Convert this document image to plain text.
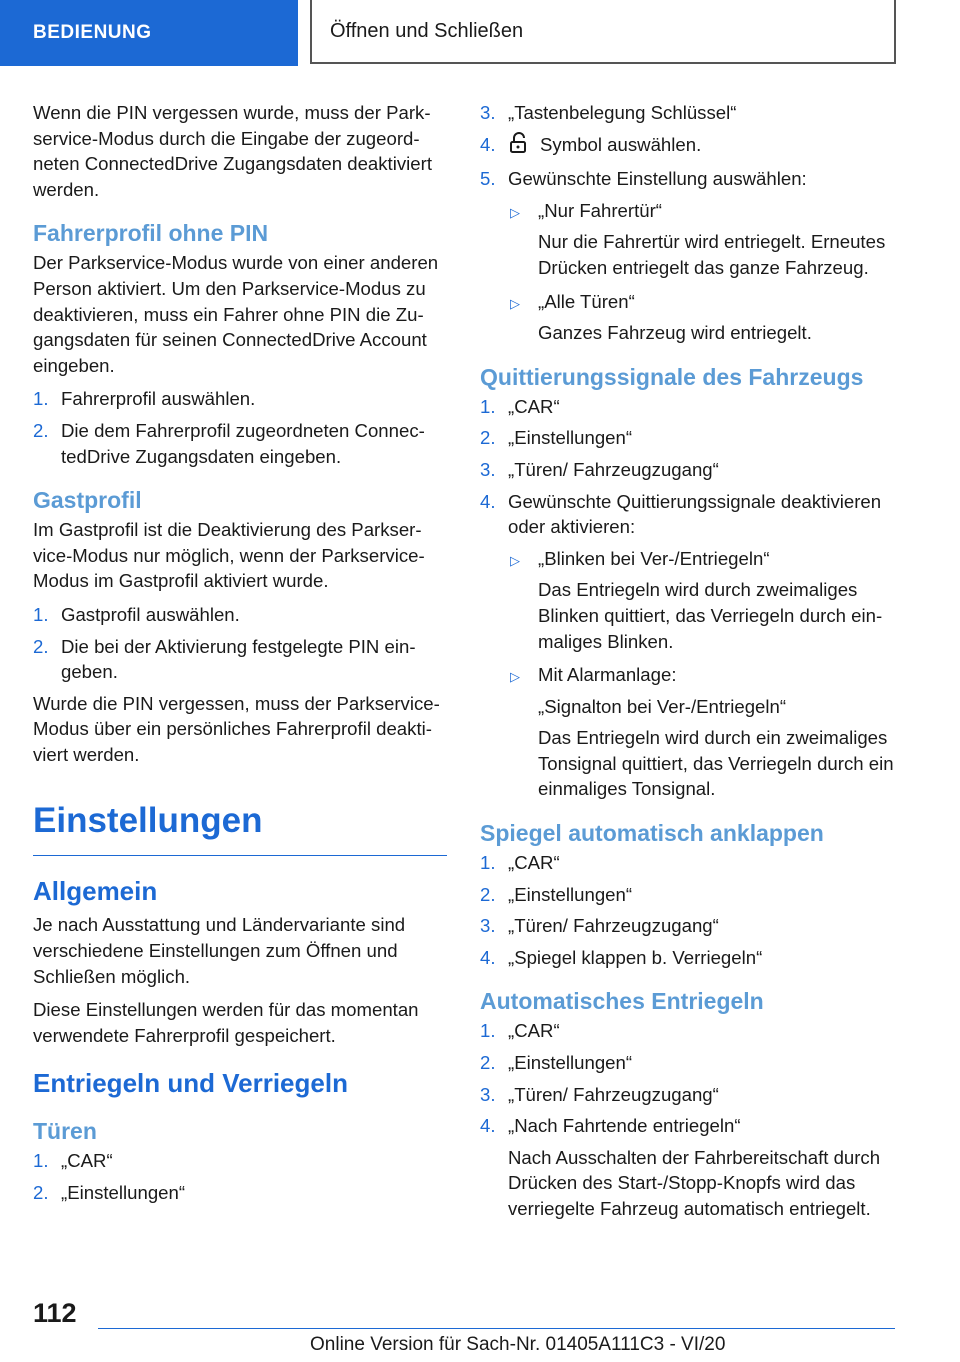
BEDIENUNG	Öffnen und Schließen

Wenn die PIN vergessen wurde, muss der Park-service-Modus durch die Eingabe der zugeord-neten ConnectedDrive Zugangsdaten deaktiviert werden.

Fahrerprofil ohne PIN

Der Parkservice-Modus wurde von einer anderen Person aktiviert. Um den Parkservice-Modus zu deaktivieren, muss ein Fahrer ohne PIN die Zu-gangsdaten für seinen ConnectedDrive Account eingeben.

1. Fahrerprofil auswählen.
2. Die dem Fahrerprofil zugeordneten Connec-tedDrive Zugangsdaten eingeben.
Gastprofil

Im Gastprofil ist die Deaktivierung des Parkser-vice-Modus nur möglich, wenn der Parkservice-Modus im Gastprofil aktiviert wurde.

1. Gastprofil auswählen.
2. Die bei der Aktivierung festgelegte PIN ein-geben.

Wurde die PIN vergessen, muss der Parkservice-Modus über ein persönliches Fahrerprofil deakti-viert werden.

Einstellungen
Allgemein

Je nach Ausstattung und Ländervariante sind verschiedene Einstellungen zum Öffnen und Schließen möglich.

Diese Einstellungen werden für das momentan verwendete Fahrerprofil gespeichert.

Entriegeln und Verriegeln
Türen
1. „CAR“
2. „Einstellungen“
3. „Tastenbelegung Schlüssel“
4. Symbol auswählen.
5. Gewünschte Einstellung auswählen:
▷ „Nur Fahrertür“
Nur die Fahrertür wird entriegelt. Erneutes Drücken entriegelt das ganze Fahrzeug.
▷ „Alle Türen“
Ganzes Fahrzeug wird entriegelt.
Quittierungssignale des Fahrzeugs
1. „CAR“
2. „Einstellungen“
3. „Türen/ Fahrzeugzugang“
4. Gewünschte Quittierungssignale deaktivieren oder aktivieren:
▷ „Blinken bei Ver-/Entriegeln“
Das Entriegeln wird durch zweimaliges Blinken quittiert, das Verriegeln durch ein-maliges Blinken.
▷ Mit Alarmanlage:
„Signalton bei Ver-/Entriegeln“
Das Entriegeln wird durch ein zweimaliges Tonsignal quittiert, das Verriegeln durch ein einmaliges Tonsignal.
Spiegel automatisch anklappen
1. „CAR“
2. „Einstellungen“
3. „Türen/ Fahrzeugzugang“
4. „Spiegel klappen b. Verriegeln“
Automatisches Entriegeln
1. „CAR“
2. „Einstellungen“
3. „Türen/ Fahrzeugzugang“
4. „Nach Fahrtende entriegeln“
Nach Ausschalten der Fahrbereitschaft durch Drücken des Start-/Stopp-Knopfs wird das verriegelte Fahrzeug automatisch entriegelt.
112
Online Version für Sach-Nr. 01405A111C3 - VI/20
